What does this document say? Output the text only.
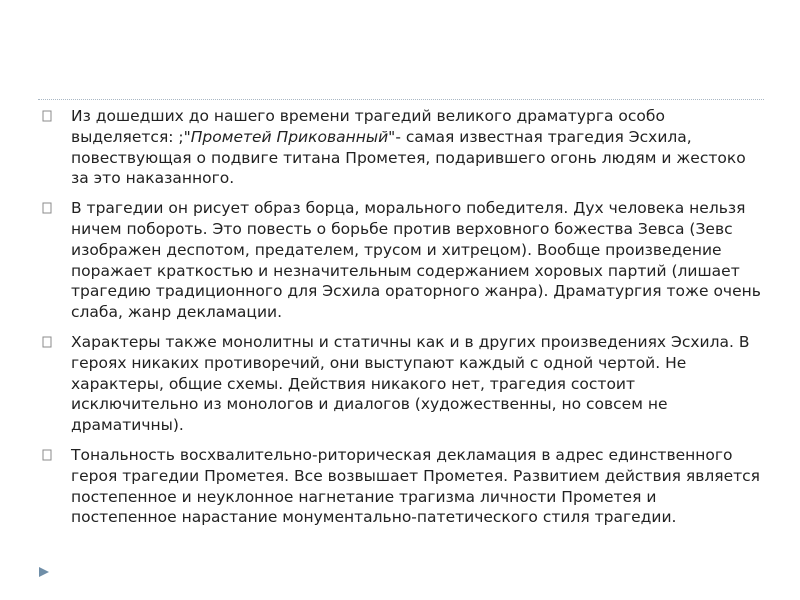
Из дошедших до нашего времени трагедий великого драматурга особо выделяется: ;"Прометей Прикованный"- самая известная трагедия Эсхила, повествующая о подвиге титана Прометея, подарившего огонь людям и жестоко за это наказанного.
В трагедии он рисует образ борца, морального победителя. Дух человека нельзя ничем побороть. Это повесть о борьбе против верховного божества Зевса (Зевс изображен деспотом, предателем, трусом и хитрецом). Вообще произведение поражает краткостью и незначительным содержанием хоровых партий (лишает трагедию традиционного для Эсхила ораторного жанра). Драматургия тоже очень слаба, жанр декламации.
Характеры также монолитны и статичны как и в других произведениях Эсхила. В героях никаких противоречий, они выступают каждый с одной чертой. Не характеры, общие схемы. Действия никакого нет, трагедия состоит исключительно из монологов и диалогов (художественны, но совсем не драматичны).
Тональность восхвалительно-риторическая декламация в адрес единственного героя трагедии Прометея. Все возвышает Прометея. Развитием действия является постепенное и неуклонное нагнетание трагизма личности Прометея и постепенное нарастание монументально-патетического стиля трагедии.
